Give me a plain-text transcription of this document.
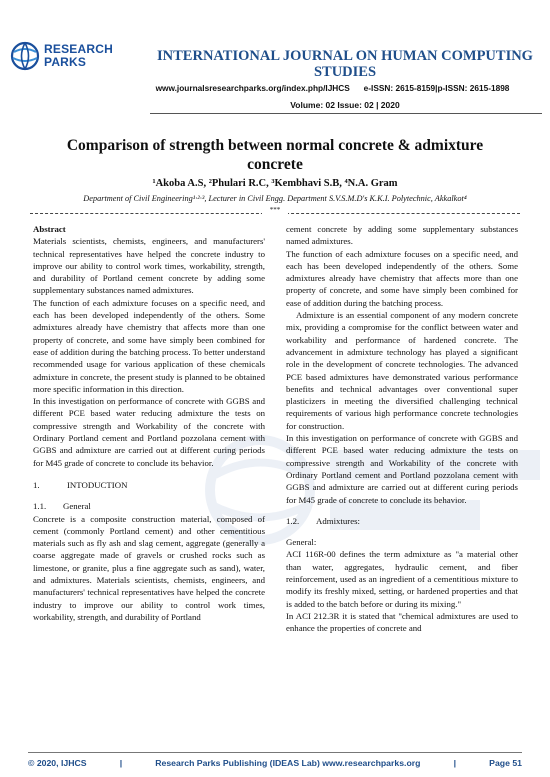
RESEARCH
PARKS	INTERNATIONAL JOURNAL ON HUMAN COMPUTING STUDIES
www.journalsresearchparks.org/index.php/IJHCS e-ISSN: 2615-8159|p-ISSN: 2615-1898
Volume: 02 Issue: 02 | 2020
Comparison of strength between normal concrete & admixture concrete
¹Akoba A.S, ²Phulari R.C, ³Kembhavi S.B, ⁴N.A. Gram
Department of Civil Engineering¹·²·³, Lecturer in Civil Engg. Department S.V.S.M.D's K.K.I. Polytechnic, Akkalkot⁴
***

Abstract

Materials scientists, chemists, engineers, and manufacturers' technical representatives have helped the concrete industry to improve our ability to control work times, workability, strength, and durability of Portland cement concrete by adding some supplementary substances named admixtures.

The function of each admixture focuses on a specific need, and each has been developed independently of the others. Some admixtures already have chemistry that affects more than one property of concrete, and some have simply been combined for ease of addition during the batching process. To better understand recommended usage for various application of these chemicals admixture in concrete, the present study is planned to be obtained more specific information in this direction.

In this investigation on performance of concrete with GGBS and different PCE based water reducing admixture the tests on compressive strength and Workability of the concrete with Ordinary Portland cement and Portland pozzolana cement with GGBS and admixture are carried out at different curing periods for M45 grade of concrete to conclude its behavior.

1.	INTODUCTION

1.1. General

Concrete is a composite construction material, composed of cement (commonly Portland cement) and other cementitious materials such as fly ash and slag cement, aggregate (generally a coarse aggregate made of gravels or crushed rocks such as limestone, or granite, plus a fine aggregate such as sand), water, and admixtures. Materials scientists, chemists, engineers, and manufacturers' technical representatives have helped the concrete industry to improve our ability to control work times, workability, strength, and durability of Portland

cement concrete by adding some supplementary substances named admixtures.

The function of each admixture focuses on a specific need, and each has been developed independently of the others. Some admixtures already have chemistry that affects more than one property of concrete, and some have simply been combined for ease of addition during the batching process.

Admixture is an essential component of any modern concrete mix, providing a compromise for the conflict between water and workability and performance of hardened concrete. The advancement in admixture technology has played a significant role in the development of concrete technologies. The advanced PCE based admixtures have demonstrated various performance benefits and technical advantages over conventional super plasticizers in meeting the diversified challenging technical requirements of various high performance concrete technologies for construction.

In this investigation on performance of concrete with GGBS and different PCE based water reducing admixture the tests on compressive strength and Workability of the concrete with Ordinary Portland cement and Portland pozzolana cement with GGBS and admixture are carried out at different curing periods for M45 grade of concrete to conclude its behavior.

1.2. Admixtures:

General:

ACI 116R-00 defines the term admixture as "a material other than water, aggregates, hydraulic cement, and fiber reinforcement, used as an ingredient of a cementitious mixture to modify its freshly mixed, setting, or hardened properties and that is added to the batch before or during its mixing."

In ACI 212.3R it is stated that "chemical admixtures are used to enhance the properties of concrete and

© 2020, IJHCS	|	Research Parks Publishing (IDEAS Lab) www.researchparks.org	|	Page 51
